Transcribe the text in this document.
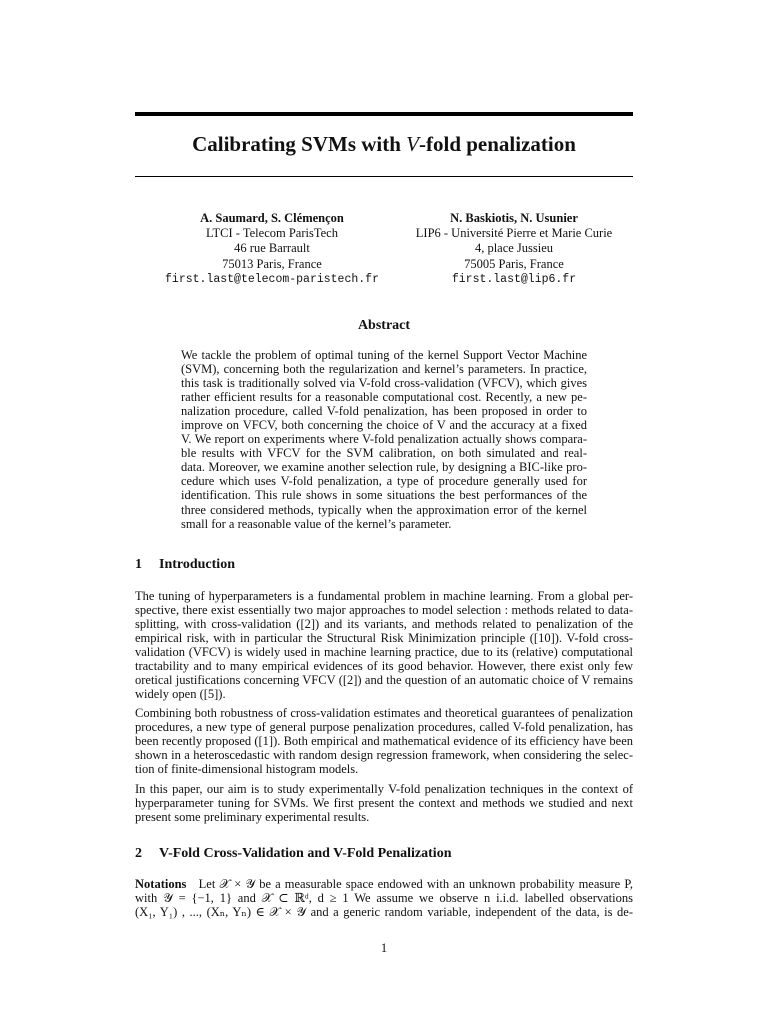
Calibrating SVMs with V-fold penalization
A. Saumard, S. Clémençon
LTCI - Telecom ParisTech
46 rue Barrault
75013 Paris, France
first.last@telecom-paristech.fr
N. Baskiotis, N. Usunier
LIP6 - Université Pierre et Marie Curie
4, place Jussieu
75005 Paris, France
first.last@lip6.fr
Abstract
We tackle the problem of optimal tuning of the kernel Support Vector Machine
(SVM), concerning both the regularization and kernel’s parameters. In practice,
this task is traditionally solved via V-fold cross-validation (VFCV), which gives
rather efficient results for a reasonable computational cost. Recently, a new pe-
nalization procedure, called V-fold penalization, has been proposed in order to
improve on VFCV, both concerning the choice of V and the accuracy at a fixed
V. We report on experiments where V-fold penalization actually shows compara-
ble results with VFCV for the SVM calibration, on both simulated and real-
data. Moreover, we examine another selection rule, by designing a BIC-like pro-
cedure which uses V-fold penalization, a type of procedure generally used for
identification. This rule shows in some situations the best performances of the
three considered methods, typically when the approximation error of the kernel
small for a reasonable value of the kernel’s parameter.
1 Introduction
The tuning of hyperparameters is a fundamental problem in machine learning. From a global per-
spective, there exist essentially two major approaches to model selection : methods related to data-
splitting, with cross-validation ([2]) and its variants, and methods related to penalization of the
empirical risk, with in particular the Structural Risk Minimization principle ([10]). V-fold cross-
validation (VFCV) is widely used in machine learning practice, due to its (relative) computational
tractability and to many empirical evidences of its good behavior. However, there exist only few
oretical justifications concerning VFCV ([2]) and the question of an automatic choice of V remains
widely open ([5]).
Combining both robustness of cross-validation estimates and theoretical guarantees of penalization
procedures, a new type of general purpose penalization procedures, called V-fold penalization, has
been recently proposed ([1]). Both empirical and mathematical evidence of its efficiency have been
shown in a heteroscedastic with random design regression framework, when considering the selec-
tion of finite-dimensional histogram models.
In this paper, our aim is to study experimentally V-fold penalization techniques in the context of
hyperparameter tuning for SVMs. We first present the context and methods we studied and next
present some preliminary experimental results.
2 V-Fold Cross-Validation and V-Fold Penalization
Notations Let 𝒳 × 𝒴 be a measurable space endowed with an unknown probability measure P,
with 𝒴 = {−1, 1} and 𝒳 ⊂ ℝᵈ, d ≥ 1 We assume we observe n i.i.d. labelled observations
(X₁, Y₁) , ..., (Xₙ, Yₙ) ∈ 𝒳 × 𝒴 and a generic random variable, independent of the data, is de-
1
